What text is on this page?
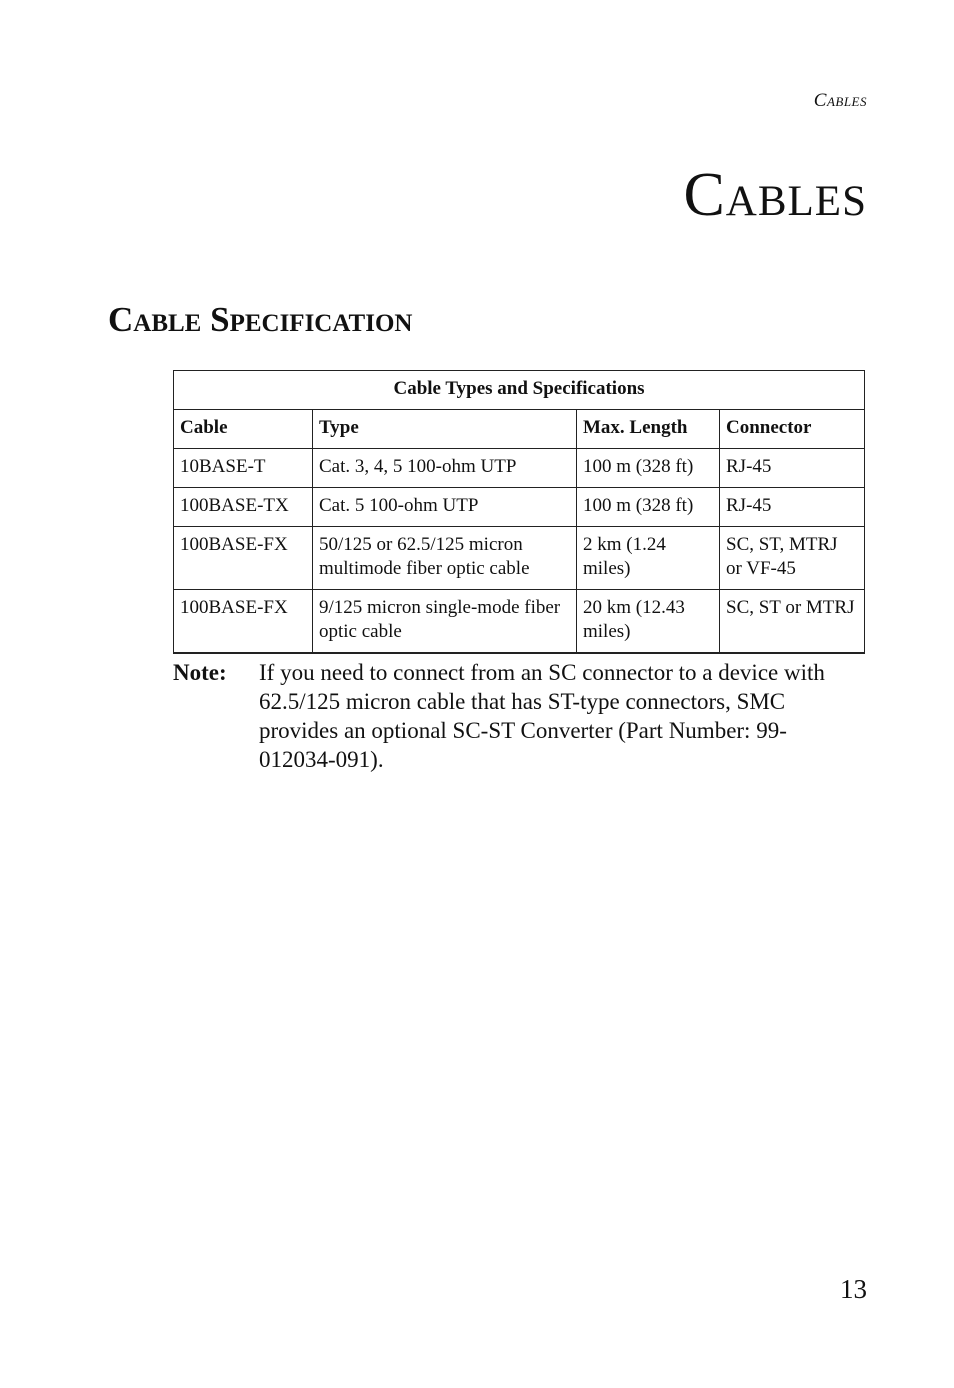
Cables
Cables
Cable Specification
Cable Types and Specifications			
Cable	Type	Max. Length	Connector
10BASE-T	Cat. 3, 4, 5 100-ohm UTP	100 m (328 ft)	RJ-45
100BASE-TX	Cat. 5 100-ohm UTP	100 m (328 ft)	RJ-45
100BASE-FX	50/125 or 62.5/125 micron multimode fiber optic cable	2 km (1.24 miles)	SC, ST, MTRJ or VF-45
100BASE-FX	9/125 micron single-mode fiber optic cable	20 km (12.43 miles)	SC, ST or MTRJ
Note: If you need to connect from an SC connector to a device with 62.5/125 micron cable that has ST-type connectors, SMC provides an optional SC-ST Converter (Part Number: 99-012034-091).
13
